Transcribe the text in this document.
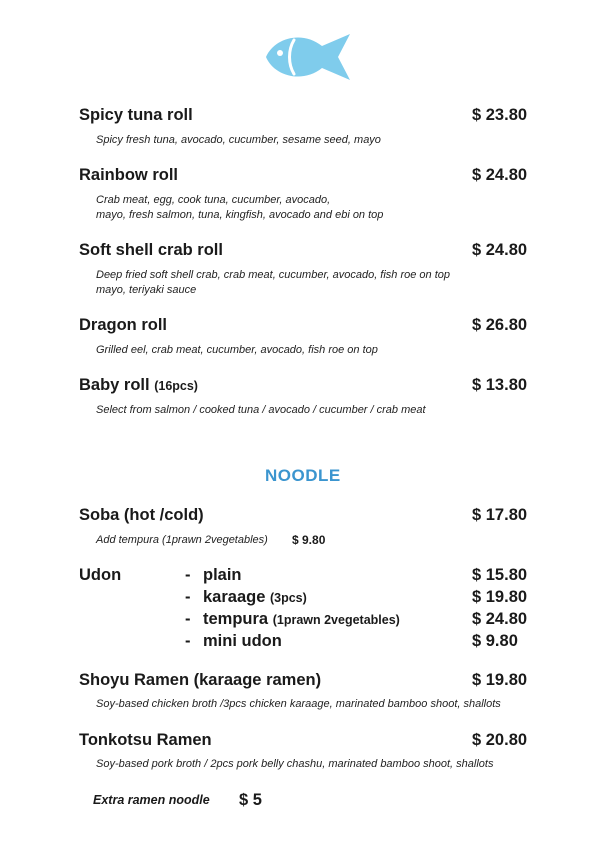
Spicy tuna roll	$ 23.80
Spicy fresh tuna, avocado, cucumber, sesame seed, mayo
Rainbow roll	$ 24.80
Crab meat, egg, cook tuna, cucumber, avocado,
mayo, fresh salmon, tuna, kingfish, avocado and ebi on top
Soft shell crab roll	$ 24.80
Deep fried soft shell crab, crab meat, cucumber, avocado, fish roe on top
mayo, teriyaki sauce
Dragon roll	$ 26.80
Grilled eel, crab meat, cucumber, avocado, fish roe on top
Baby roll (16pcs)	$ 13.80
Select from salmon / cooked tuna / avocado / cucumber / crab meat
NOODLE
Soba (hot /cold)	$ 17.80
Add tempura (1prawn 2vegetables) $ 9.80
Udon	- plain	$ 15.80
- karaage (3pcs)	$ 19.80
- tempura (1prawn 2vegetables)	$ 24.80
- mini udon	$ 9.80
Shoyu Ramen (karaage ramen)	$ 19.80
Soy-based chicken broth /3pcs chicken karaage, marinated bamboo shoot, shallots
Tonkotsu Ramen	$ 20.80
Soy-based pork broth / 2pcs pork belly chashu, marinated bamboo shoot, shallots
Extra ramen noodle $ 5
